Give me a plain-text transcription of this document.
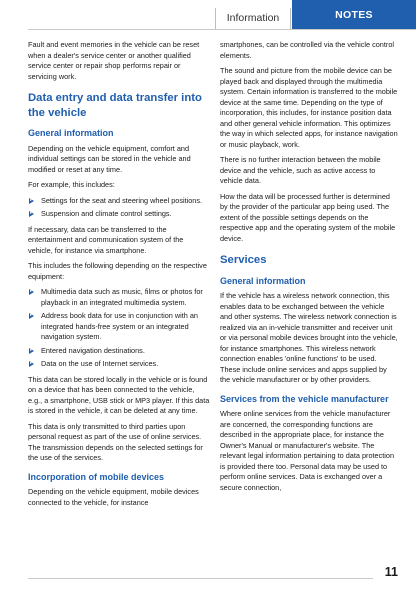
Information	NOTES

Fault and event memories in the vehicle can be reset when a dealer's service center or another qualified service center or repair shop performs repair or servicing work.

Data entry and data transfer into the vehicle
General information

Depending on the vehicle equipment, comfort and individual settings can be stored in the vehicle and modified or reset at any time.

For example, this includes:

Settings for the seat and steering wheel positions.
Suspension and climate control settings.

If necessary, data can be transferred to the entertainment and communication system of the vehicle, for instance via smartphone.

This includes the following depending on the respective equipment:

Multimedia data such as music, films or photos for playback in an integrated multimedia system.
Address book data for use in conjunction with an integrated hands-free system or an integrated navigation system.
Entered navigation destinations.
Data on the use of Internet services.

This data can be stored locally in the vehicle or is found on a device that has been connected to the vehicle, e.g., a smartphone, USB stick or MP3 player. If this data is stored in the vehicle, it can be deleted at any time.

This data is only transmitted to third parties upon personal request as part of the use of online services. The transmission depends on the selected settings for the use of the services.

Incorporation of mobile devices

Depending on the vehicle equipment, mobile devices connected to the vehicle, for instance

smartphones, can be controlled via the vehicle control elements.

The sound and picture from the mobile device can be played back and displayed through the multimedia system. Certain information is transferred to the mobile device at the same time. Depending on the type of incorporation, this includes, for instance position data and other general vehicle information. This optimizes the way in which selected apps, for instance navigation or music playback, work.

There is no further interaction between the mobile device and the vehicle, such as active access to vehicle data.

How the data will be processed further is determined by the provider of the particular app being used. The extent of the possible settings depends on the respective app and the operating system of the mobile device.

Services
General information

If the vehicle has a wireless network connection, this enables data to be exchanged between the vehicle and other systems. The wireless network connection is realized via an in-vehicle transmitter and receiver unit or via personal mobile devices brought into the vehicle, for instance smartphones. This wireless network connection enables 'online functions' to be used. These include online services and apps supplied by the vehicle manufacturer or by other providers.

Services from the vehicle manufacturer

Where online services from the vehicle manufacturer are concerned, the corresponding functions are described in the appropriate place, for instance the Owner's Manual or manufacturer's website. The relevant legal information pertaining to data protection is provided there too. Personal data may be used to perform online services. Data is exchanged over a secure connection,

11
